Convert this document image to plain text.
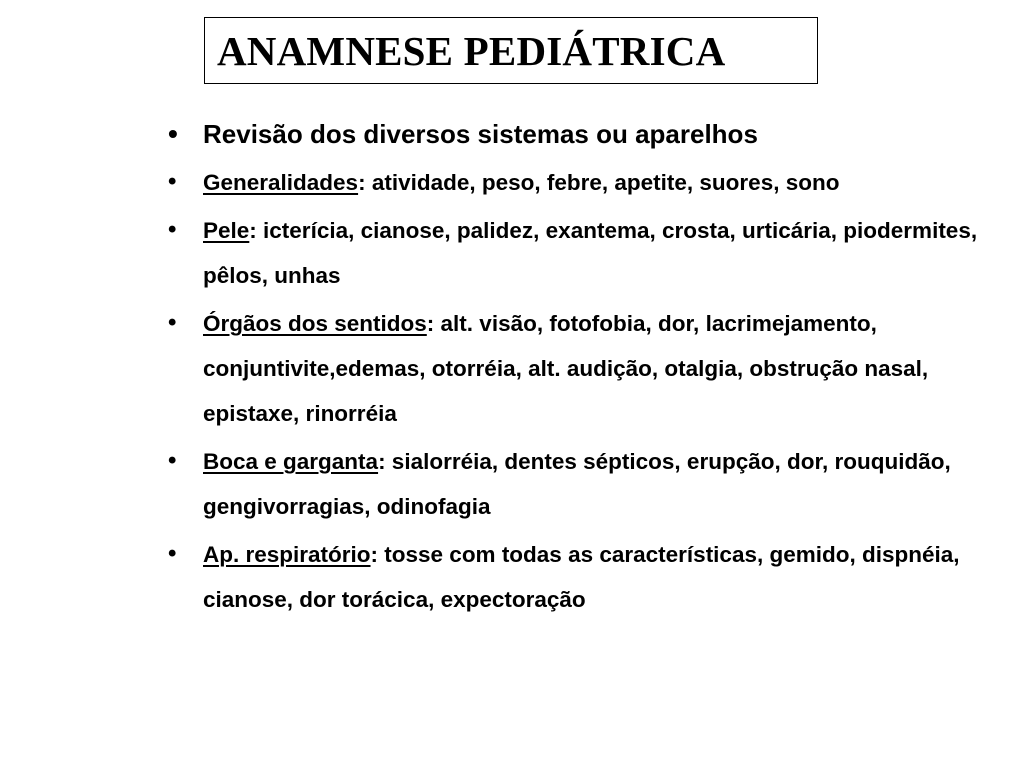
ANAMNESE PEDIÁTRICA
• Revisão dos diversos sistemas ou aparelhos
• Generalidades: atividade, peso, febre, apetite, suores, sono
• Pele: icterícia, cianose, palidez, exantema, crosta, urticária, piodermites, pêlos, unhas
• Órgãos dos sentidos: alt. visão, fotofobia, dor, lacrimejamento, conjuntivite,edemas, otorréia, alt. audição, otalgia, obstrução nasal, epistaxe, rinorréia
• Boca e garganta: sialorréia, dentes sépticos, erupção, dor, rouquidão, gengivorragias, odinofagia
• Ap. respiratório: tosse com todas as características, gemido, dispnéia, cianose, dor torácica, expectoração
